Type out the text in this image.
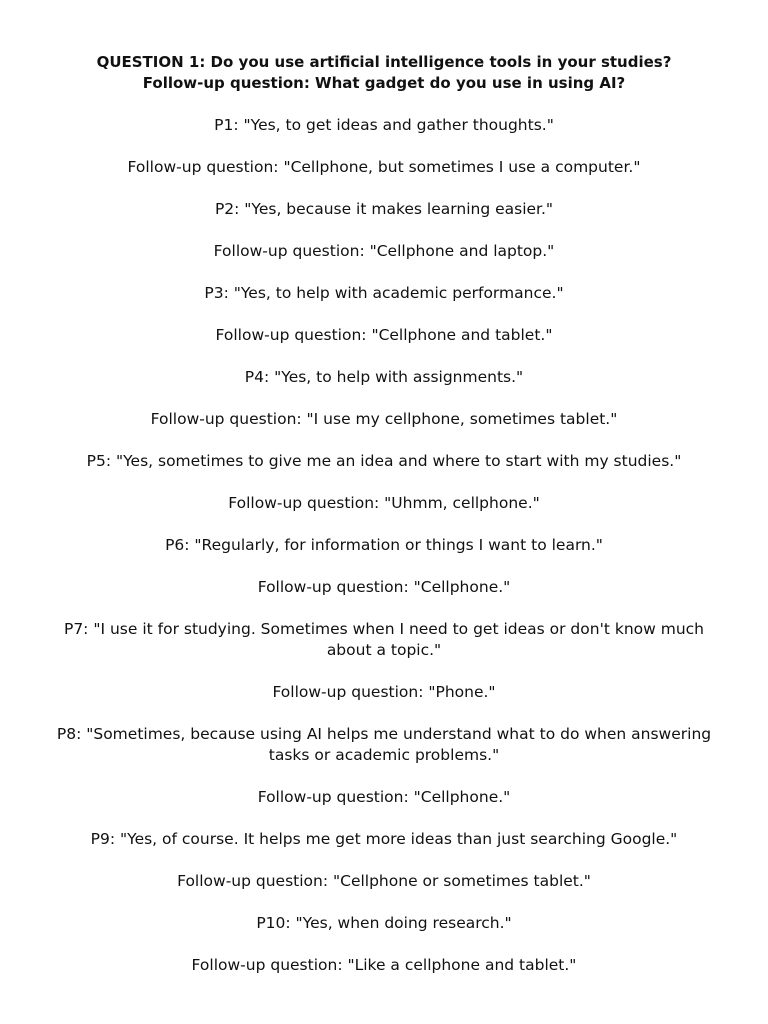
QUESTION 1: Do you use artificial intelligence tools in your studies?
Follow-up question: What gadget do you use in using AI?

P1: "Yes, to get ideas and gather thoughts."

Follow-up question: "Cellphone, but sometimes I use a computer."

P2: "Yes, because it makes learning easier."

Follow-up question: "Cellphone and laptop."

P3: "Yes, to help with academic performance."

Follow-up question: "Cellphone and tablet."

P4: "Yes, to help with assignments."

Follow-up question: "I use my cellphone, sometimes tablet."

P5: "Yes, sometimes to give me an idea and where to start with my studies."

Follow-up question: "Uhmm, cellphone."

P6: "Regularly, for information or things I want to learn."

Follow-up question: "Cellphone."

P7: "I use it for studying. Sometimes when I need to get ideas or don't know much about a topic."

Follow-up question: "Phone."

P8: "Sometimes, because using AI helps me understand what to do when answering tasks or academic problems."

Follow-up question: "Cellphone."

P9: "Yes, of course. It helps me get more ideas than just searching Google."

Follow-up question: "Cellphone or sometimes tablet."

P10: "Yes, when doing research."

Follow-up question: "Like a cellphone and tablet."
